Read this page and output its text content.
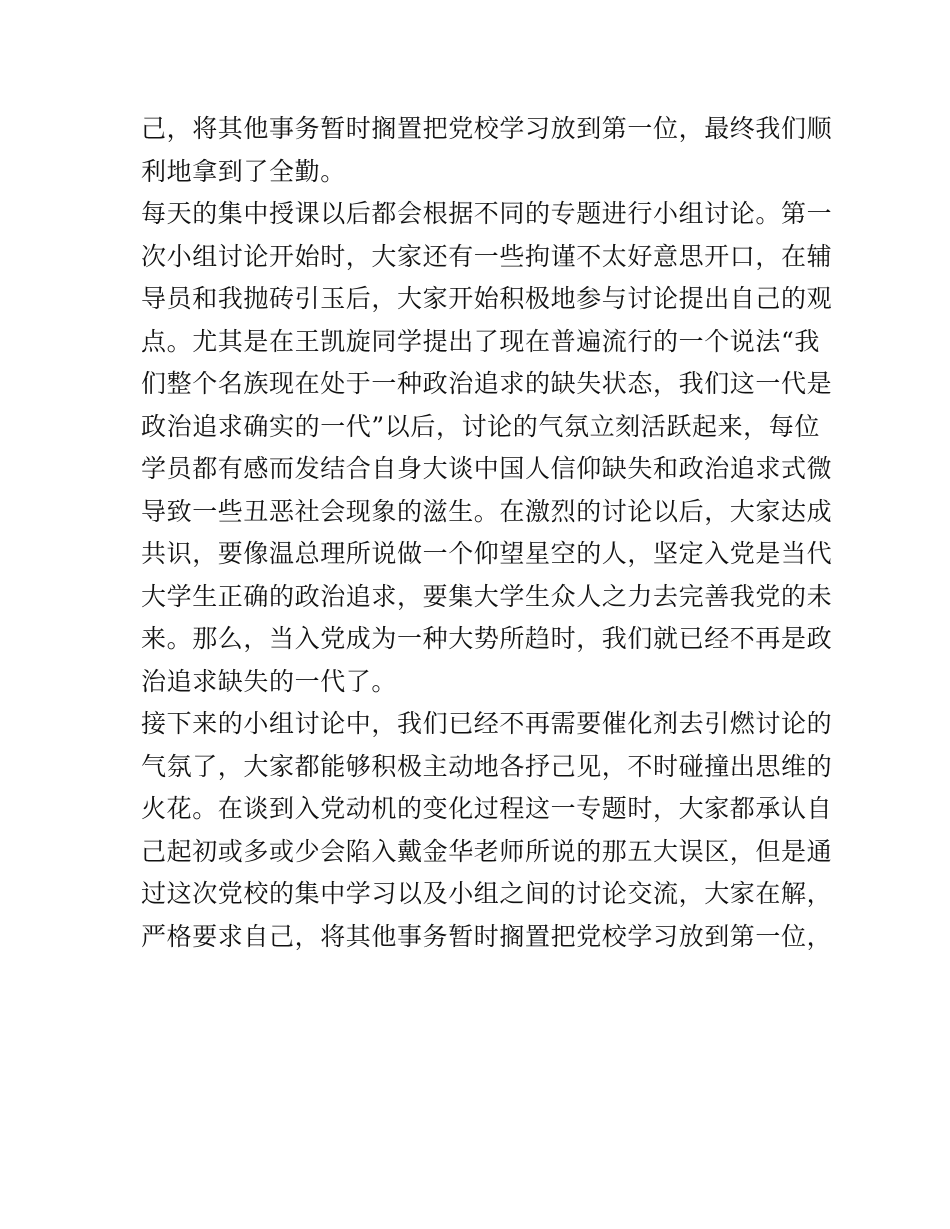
己，将其他事务暂时搁置把党校学习放到第一位，最终我们顺
利地拿到了全勤。
每天的集中授课以后都会根据不同的专题进行小组讨论。第一
次小组讨论开始时，大家还有一些拘谨不太好意思开口，在辅
导员和我抛砖引玉后，大家开始积极地参与讨论提出自己的观
点。尤其是在王凯旋同学提出了现在普遍流行的一个说法“我
们整个名族现在处于一种政治追求的缺失状态，我们这一代是
政治追求确实的一代”以后，讨论的气氛立刻活跃起来，每位
学员都有感而发结合自身大谈中国人信仰缺失和政治追求式微
导致一些丑恶社会现象的滋生。在激烈的讨论以后，大家达成
共识，要像温总理所说做一个仰望星空的人，坚定入党是当代
大学生正确的政治追求，要集大学生众人之力去完善我党的未
来。那么，当入党成为一种大势所趋时，我们就已经不再是政
治追求缺失的一代了。
接下来的小组讨论中，我们已经不再需要催化剂去引燃讨论的
气氛了，大家都能够积极主动地各抒己见，不时碰撞出思维的
火花。在谈到入党动机的变化过程这一专题时，大家都承认自
己起初或多或少会陷入戴金华老师所说的那五大误区，但是通
过这次党校的集中学习以及小组之间的讨论交流，大家在解，
严格要求自己，将其他事务暂时搁置把党校学习放到第一位，
